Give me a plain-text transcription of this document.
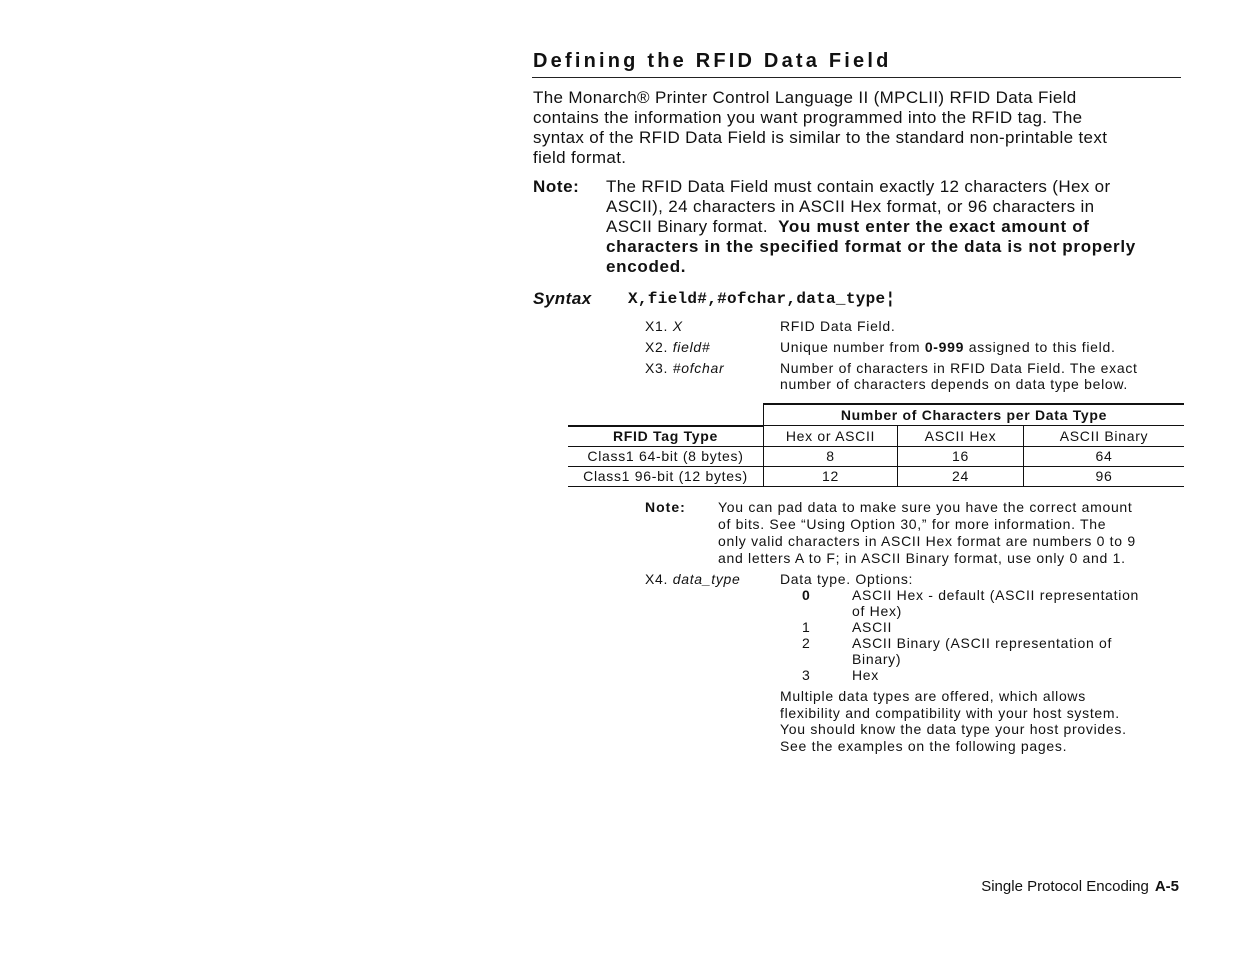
Defining the RFID Data Field

The Monarch® Printer Control Language II (MPCLII) RFID Data Field
contains the information you want programmed into the RFID tag. The
syntax of the RFID Data Field is similar to the standard non-printable text
field format.

Note: The RFID Data Field must contain exactly 12 characters (Hex or
ASCII), 24 characters in ASCII Hex format, or 96 characters in
ASCII Binary format.  You must enter the exact amount of
characters in the specified format or the data is not properly
encoded.
Syntax X,field#,#ofchar,data_type¦
X1. X	RFID Data Field.
X2. field#	Unique number from 0-999 assigned to this field.
X3. #ofchar	Number of characters in RFID Data Field. The exact
number of characters depends on data type below.
	Number of Characters per Data Type		
RFID Tag Type	Hex or ASCII	ASCII Hex	ASCII Binary
Class1 64-bit (8 bytes)	8	16	64
Class1 96-bit (12 bytes)	12	24	96
Note: You can pad data to make sure you have the correct amount
of bits. See “Using Option 30,” for more information. The
only valid characters in ASCII Hex format are numbers 0 to 9
and letters A to F; in ASCII Binary format, use only 0 and 1.
X4. data_type	Data type. Options:
0	ASCII Hex - default (ASCII representation
of Hex)
1	ASCII
2	ASCII Binary (ASCII representation of
Binary)
3	Hex
Multiple data types are offered, which allows
flexibility and compatibility with your host system.
You should know the data type your host provides.
See the examples on the following pages.
Single Protocol Encoding A-5
